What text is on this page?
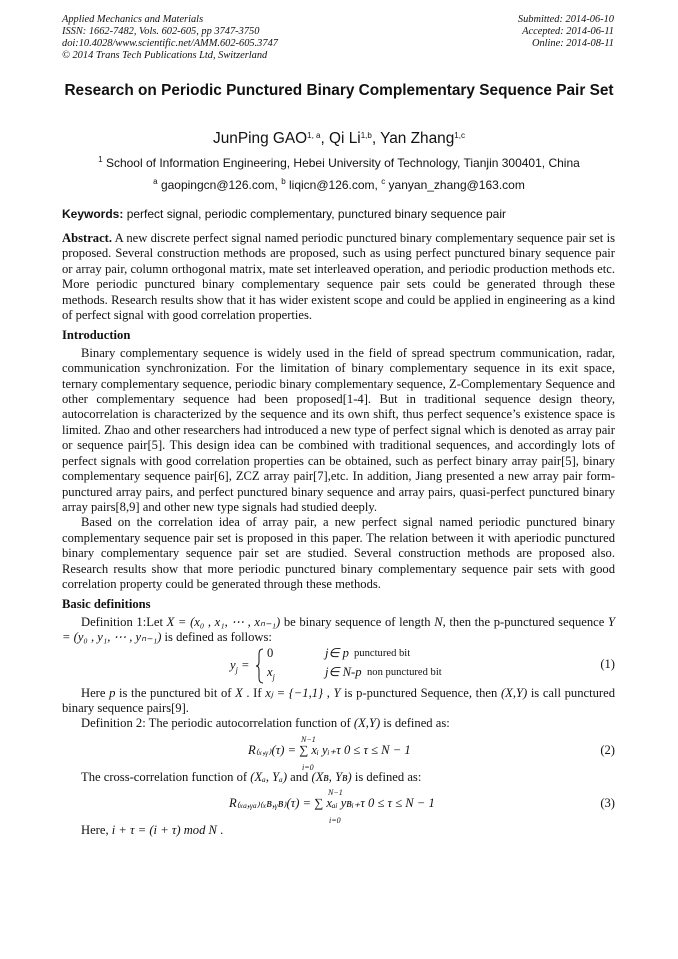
Applied Mechanics and Materials
ISSN: 1662-7482, Vols. 602-605, pp 3747-3750
doi:10.4028/www.scientific.net/AMM.602-605.3747
© 2014 Trans Tech Publications Ltd, Switzerland
Submitted: 2014-06-10
Accepted: 2014-06-11
Online: 2014-08-11
Research on Periodic Punctured Binary Complementary Sequence Pair Set
JunPing GAO$^{1, a}$, Qi Li$^{1,b}$, Yan Zhang$^{1,c}$
$^1$ School of Information Engineering, Hebei University of Technology, Tianjin 300401, China
$^a$ gaopingcn@126.com, $^b$ liqicn@126.com, $^c$ yanyan_zhang@163.com
Keywords: perfect signal, periodic complementary, punctured binary sequence pair

Abstract. A new discrete perfect signal named periodic punctured binary complementary sequence pair set is proposed. Several construction methods are proposed, such as using perfect punctured binary sequence pair or array pair, column orthogonal matrix, mate set interleaved operation, and periodic production methods etc. More periodic punctured binary complementary sequence pair sets could be generated through these methods. Research results show that it has wider existent scope and could be applied in engineering as a kind of perfect signal with good correlation properties.

Introduction

Binary complementary sequence is widely used in the field of spread spectrum communication, radar, communication synchronization. For the limitation of binary complementary sequence in its exit space, ternary complementary sequence, periodic binary complementary sequence, Z-Complementary Sequence and other complementary sequence had been proposed[1-4]. But in traditional sequence design theory, autocorrelation is characterized by the sequence and its own shift, thus perfect sequence’s existence space is limited. Zhao and other researchers had introduced a new type of perfect signal which is denoted as array pair or sequence pair[5]. This design idea can be combined with traditional sequences, and accordingly lots of perfect signals with good correlation properties can be obtained, such as perfect binary array pair[5], binary complementary sequence pair[6], ZCZ array pair[7],etc. In addition, Jiang presented a new array pair form-punctured array pairs, and perfect punctured binary sequence and array pairs, quasi-perfect punctured binary array pairs[8,9] and other new type signals had studied deeply.

Based on the correlation idea of array pair, a new perfect signal named periodic punctured binary complementary sequence pair set is proposed in this paper. The relation between it with aperiodic punctured binary complementary sequence pair set are studied. Several construction methods are proposed also. Research results show that more periodic punctured binary complementary sequence pair sets with good correlation property could be generated through these methods.

Basic definitions

Definition 1:Let X = (x₀ , x₁, ⋯ , xₙ₋₁) be binary sequence of length N, then the p-punctured sequence Y = (y₀ , y₁, ⋯ , yₙ₋₁) is defined as follows:

$y_j$ =
0	j∈ p punctured bit
$x_j$	j∈ N-p non punctured bit
(1)

Here p is the punctured bit of X . If xⱼ = {−1,1} , Y is p-punctured Sequence, then (X,Y) is call punctured binary sequence pairs[9].

Definition 2: The periodic autocorrelation function of (X,Y) is defined as:

N−1
R₍ₓ,ᵧ₎(τ) = ∑ xᵢ yᵢ₊τ 0 ≤ τ ≤ N − 1
i=0
(2)

The cross-correlation function of (Xₐ, Yₐ) and (Xʙ, Yʙ) is defined as:

N−1
R₍ₓₐ,ᵧₐ₎₍ₓʙ,ᵧʙ₎(τ) = ∑ xₐᵢ yʙᵢ₊τ 0 ≤ τ ≤ N − 1
i=0
(3)

Here, i + τ = (i + τ) mod N .
